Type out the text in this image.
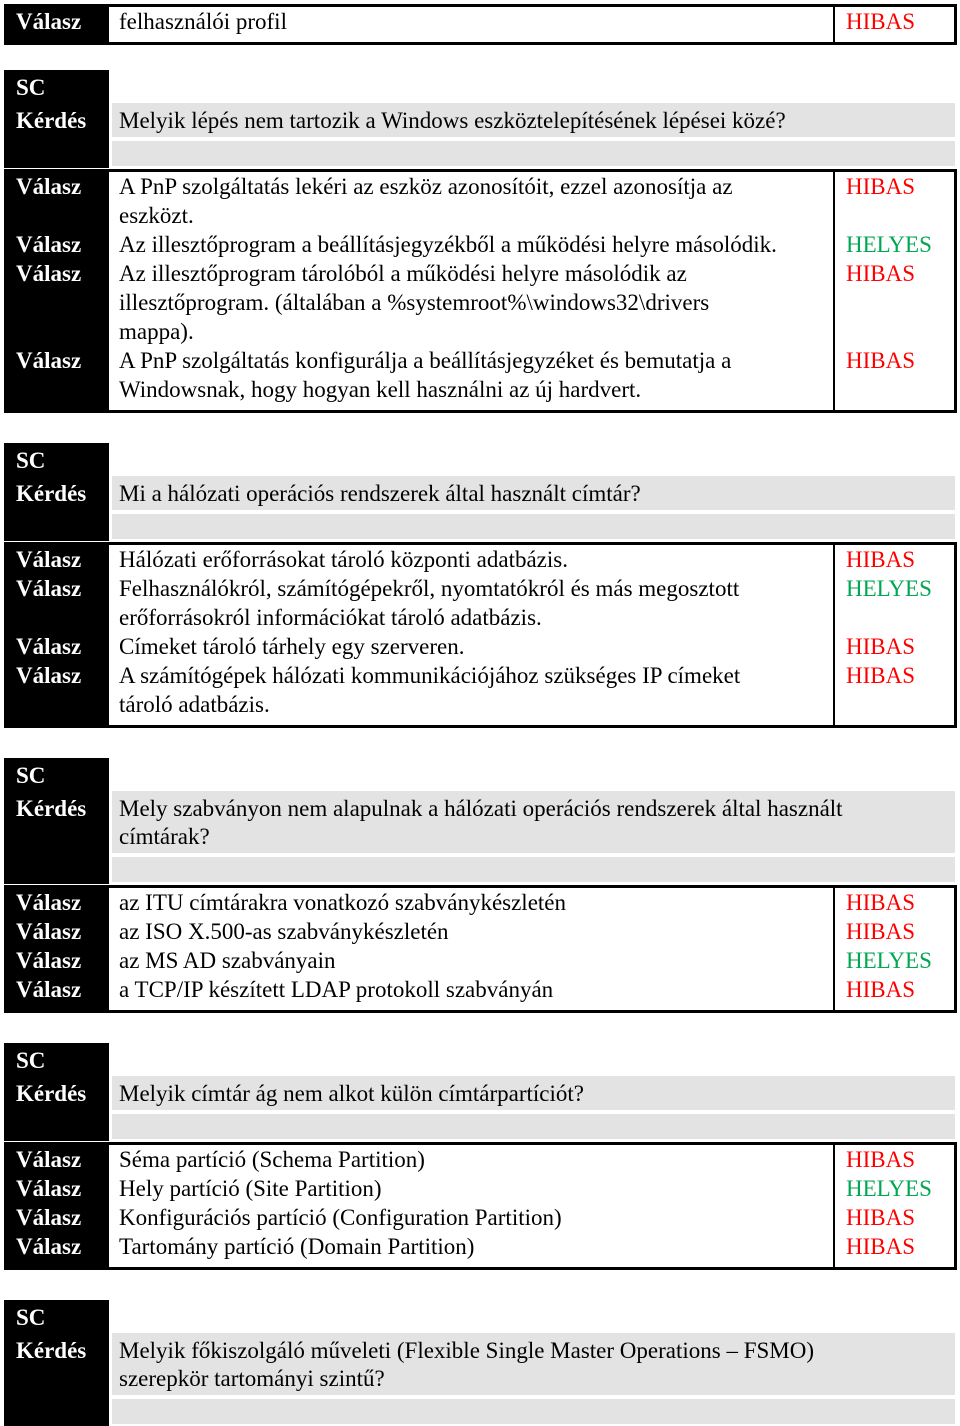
Válasz felhasználói profil	HIBAS
SC
Kérdés Melyik lépés nem tartozik a Windows eszköztelepítésének lépései közé?
Válasz A PnP szolgáltatás lekéri az eszköz azonosítóit, ezzel azonosítja az
eszközt.
HIBAS
Válasz Az illesztőprogram a beállításjegyzékből a működési helyre másolódik.	HELYES
Válasz Az illesztőprogram tárolóból a működési helyre másolódik az
illesztőprogram. (általában a %systemroot%\windows32\drivers
mappa).
HIBAS
Válasz A PnP szolgáltatás konfigurálja a beállításjegyzéket és bemutatja a
Windowsnak, hogy hogyan kell használni az új hardvert.
HIBAS
SC
Kérdés Mi a hálózati operációs rendszerek által használt címtár?
Válasz Hálózati erőforrásokat tároló központi adatbázis.	HIBAS
Válasz Felhasználókról, számítógépekről, nyomtatókról és más megosztott
erőforrásokról információkat tároló adatbázis.
HELYES
Válasz Címeket tároló tárhely egy szerveren.	HIBAS
Válasz A számítógépek hálózati kommunikációjához szükséges IP címeket
tároló adatbázis.
HIBAS
SC
Kérdés Mely szabványon nem alapulnak a hálózati operációs rendszerek által használt
címtárak?
Válasz az ITU címtárakra vonatkozó szabványkészletén	HIBAS
Válasz az ISO X.500-as szabványkészletén	HIBAS
Válasz az MS AD szabványain	HELYES
Válasz a TCP/IP készített LDAP protokoll szabványán	HIBAS
SC
Kérdés Melyik címtár ág nem alkot külön címtárpartíciót?
Válasz Séma partíció (Schema Partition)	HIBAS
Válasz Hely partíció (Site Partition)	HELYES
Válasz Konfigurációs partíció (Configuration Partition)	HIBAS
Válasz Tartomány partíció (Domain Partition)	HIBAS
SC
Kérdés Melyik főkiszolgáló műveleti (Flexible Single Master Operations – FSMO)
szerepkör tartományi szintű?
